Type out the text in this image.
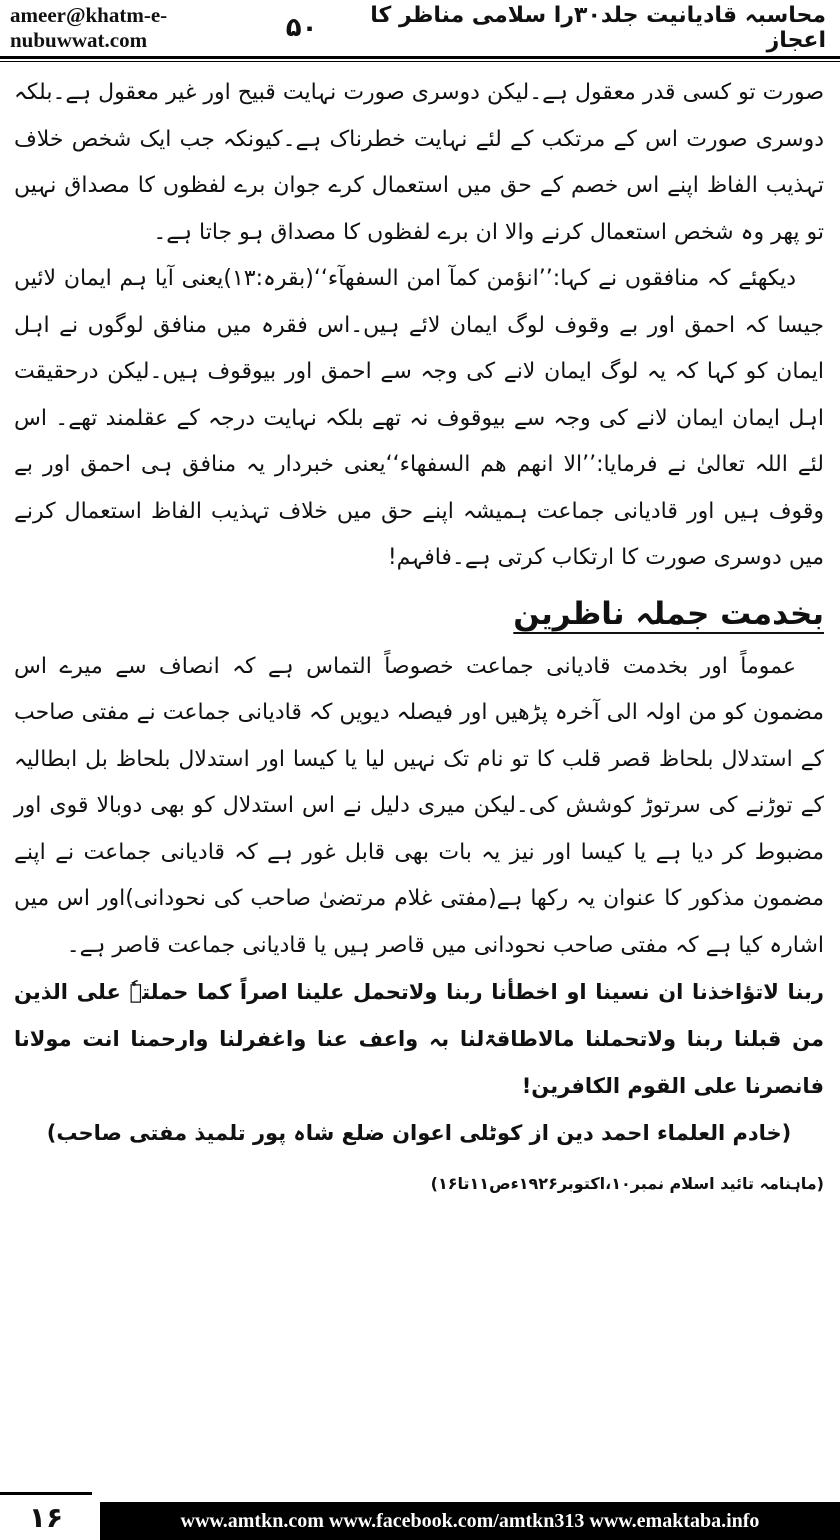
ameer@khatm-e-nubuwwat.com	۵۰	محاسبہ قادیانیت جلد۳۰را سلامی مناظر کا اعجاز

صورت تو کسی قدر معقول ہے۔لیکن دوسری صورت نہایت قبیح اور غیر معقول ہے۔بلکہ دوسری صورت اس کے مرتکب کے لئے نہایت خطرناک ہے۔کیونکہ جب ایک شخص خلاف تہذیب الفاظ اپنے اس خصم کے حق میں استعمال کرے جوان برے لفظوں کا مصداق نہیں تو پھر وہ شخص استعمال کرنے والا ان برے لفظوں کا مصداق ہو جاتا ہے۔

دیکھئے کہ منافقوں نے کہا:’’انؤمن کمآ امن السفھآء‘‘(بقرہ:۱۳)یعنی آیا ہم ایمان لائیں جیسا کہ احمق اور بے وقوف لوگ ایمان لائے ہیں۔اس فقرہ میں منافق لوگوں نے اہل ایمان کو کہا کہ یہ لوگ ایمان لانے کی وجہ سے احمق اور بیوقوف ہیں۔لیکن درحقیقت اہل ایمان ایمان لانے کی وجہ سے بیوقوف نہ تھے بلکہ نہایت درجہ کے عقلمند تھے۔ اس لئے اللہ تعالیٰ نے فرمایا:’’الا انھم ھم السفھاء‘‘یعنی خبردار یہ منافق ہی احمق اور بے وقوف ہیں اور قادیانی جماعت ہمیشہ اپنے حق میں خلاف تہذیب الفاظ استعمال کرنے میں دوسری صورت کا ارتکاب کرتی ہے۔فافہم!

بخدمت جملہ ناظرین

عموماً اور بخدمت قادیانی جماعت خصوصاً التماس ہے کہ انصاف سے میرے اس مضمون کو من اولہ الی آخرہ پڑھیں اور فیصلہ دیویں کہ قادیانی جماعت نے مفتی صاحب کے استدلال بلحاظ قصر قلب کا تو نام تک نہیں لیا یا کیسا اور استدلال بلحاظ بل ابطالیہ کے توڑنے کی سرتوڑ کوشش کی۔لیکن میری دلیل نے اس استدلال کو بھی دوبالا قوی اور مضبوط کر دیا ہے یا کیسا اور نیز یہ بات بھی قابل غور ہے کہ قادیانی جماعت نے اپنے مضمون مذکور کا عنوان یہ رکھا ہے(مفتی غلام مرتضیٰ صاحب کی نحودانی)اور اس میں اشارہ کیا ہے کہ مفتی صاحب نحودانی میں قاصر ہیں یا قادیانی جماعت قاصر ہے۔

ربنا لاتؤاخذنا ان نسینا او اخطأنا ربنا ولاتحمل علینا اصراً کما حملتہٗ علی الذین من قبلنا ربنا ولاتحملنا مالاطاقۃلنا بہ واعف عنا واغفرلنا وارحمنا انت مولانا فانصرنا علی القوم الکافرین!

(خادم العلماء احمد دین از کوٹلی اعوان ضلع شاہ پور تلمیذ مفتی صاحب)

(ماہنامہ تائید اسلام نمبر۱۰،اکتوبر۱۹۲۶ءص۱۱تا۱۶)

۱۶	www.amtkn.com www.facebook.com/amtkn313 www.emaktaba.info
